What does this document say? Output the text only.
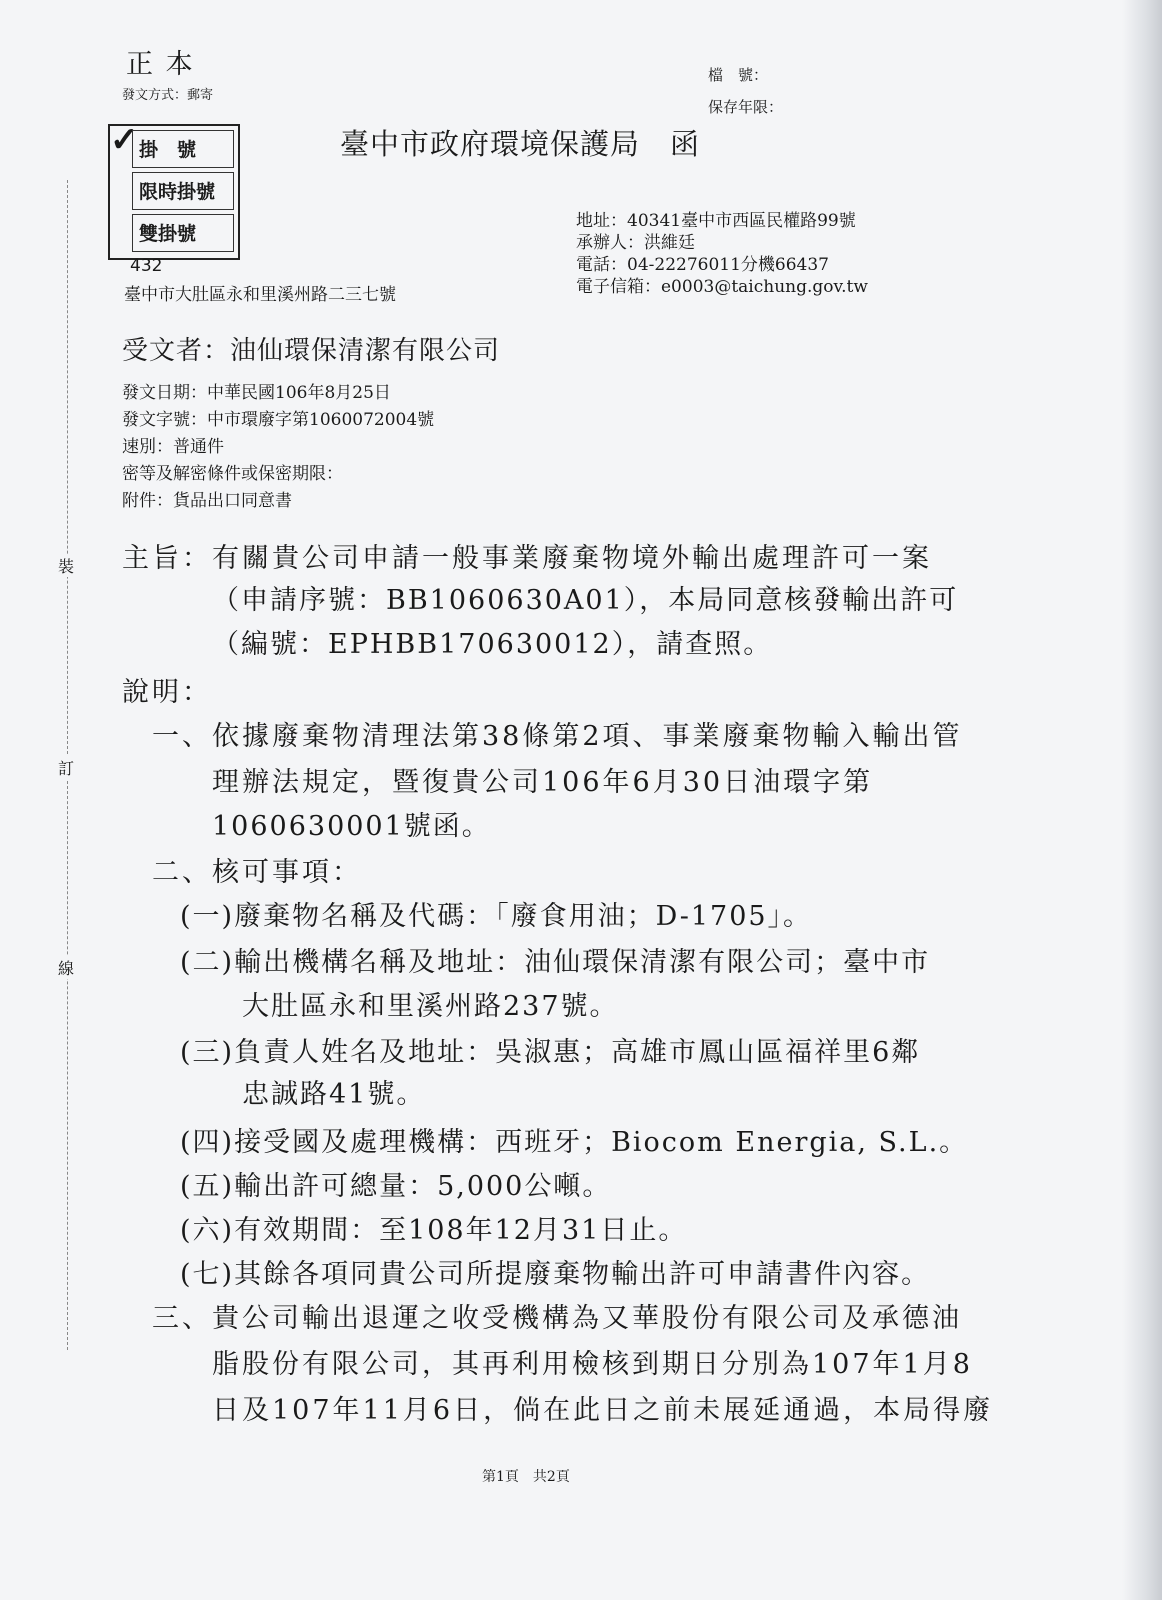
正 本
發文方式：郵寄
檔　號：
保存年限：
✓ 掛　號
限時掛號
雙掛號
臺中市政府環境保護局　函
432
臺中市大肚區永和里溪州路二三七號
地址：40341臺中市西區民權路99號
承辦人：洪維廷
電話：04-22276011分機66437
電子信箱：e0003@taichung.gov.tw
受文者：油仙環保清潔有限公司
發文日期：中華民國106年8月25日
發文字號：中市環廢字第1060072004號
速別：普通件
密等及解密條件或保密期限：
附件：貨品出口同意書
主旨：有關貴公司申請一般事業廢棄物境外輸出處理許可一案
（申請序號：BB1060630A01），本局同意核發輸出許可
（編號：EPHBB170630012），請查照。
說明：
一、依據廢棄物清理法第38條第2項、事業廢棄物輸入輸出管
理辦法規定，暨復貴公司106年6月30日油環字第
1060630001號函。
二、核可事項：
(一)廢棄物名稱及代碼：「廢食用油；D-1705」。
(二)輸出機構名稱及地址：油仙環保清潔有限公司；臺中市
大肚區永和里溪州路237號。
(三)負責人姓名及地址：吳淑惠；高雄市鳳山區福祥里6鄰
忠誠路41號。
(四)接受國及處理機構：西班牙；Biocom Energia, S.L.。
(五)輸出許可總量：5,000公噸。
(六)有效期間：至108年12月31日止。
(七)其餘各項同貴公司所提廢棄物輸出許可申請書件內容。
三、貴公司輸出退運之收受機構為又華股份有限公司及承德油
脂股份有限公司，其再利用檢核到期日分別為107年1月8
日及107年11月6日，倘在此日之前未展延通過，本局得廢
裝
訂
線
第1頁　共2頁
